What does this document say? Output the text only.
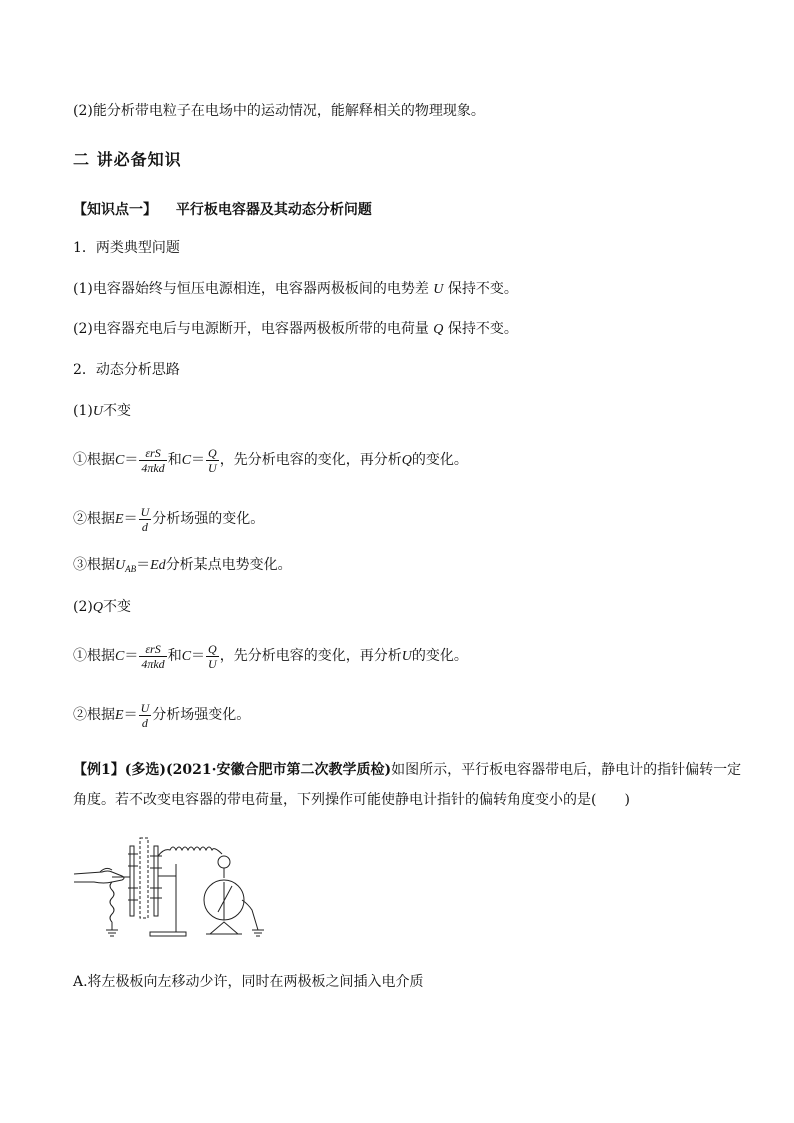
(2)能分析带电粒子在电场中的运动情况，能解释相关的物理现象。
二 讲必备知识
【知识点一】 平行板电容器及其动态分析问题
1．两类典型问题
(1)电容器始终与恒压电源相连，电容器两极板间的电势差 U 保持不变。
(2)电容器充电后与电源断开，电容器两极板所带的电荷量 Q 保持不变。
2．动态分析思路
(1)U不变
①根据$C= \frac{\text{εrS}}{\text{4πkd}}$ 和$C= \frac{Q}{U}$ ，先分析电容的变化，再分析Q的变化。
②根据$E= \frac{U}{d}$ 分析场强的变化。
③根据$U_{AB}=Ed$分析某点电势变化。
(2)Q不变
①根据$C= \frac{\text{εrS}}{\text{4πkd}}$ 和$C= \frac{Q}{U}$ ，先分析电容的变化，再分析U的变化。
②根据$E= \frac{U}{d}$ 分析场强变化。
【例1】(多选)(2021·安徽合肥市第二次教学质检)如图所示，平行板电容器带电后，静电计的指针偏转一定角度。若不改变电容器的带电荷量，下列操作可能使静电计指针的偏转角度变小的是(　　)
A.将左极板向左移动少许，同时在两极板之间插入电介质
